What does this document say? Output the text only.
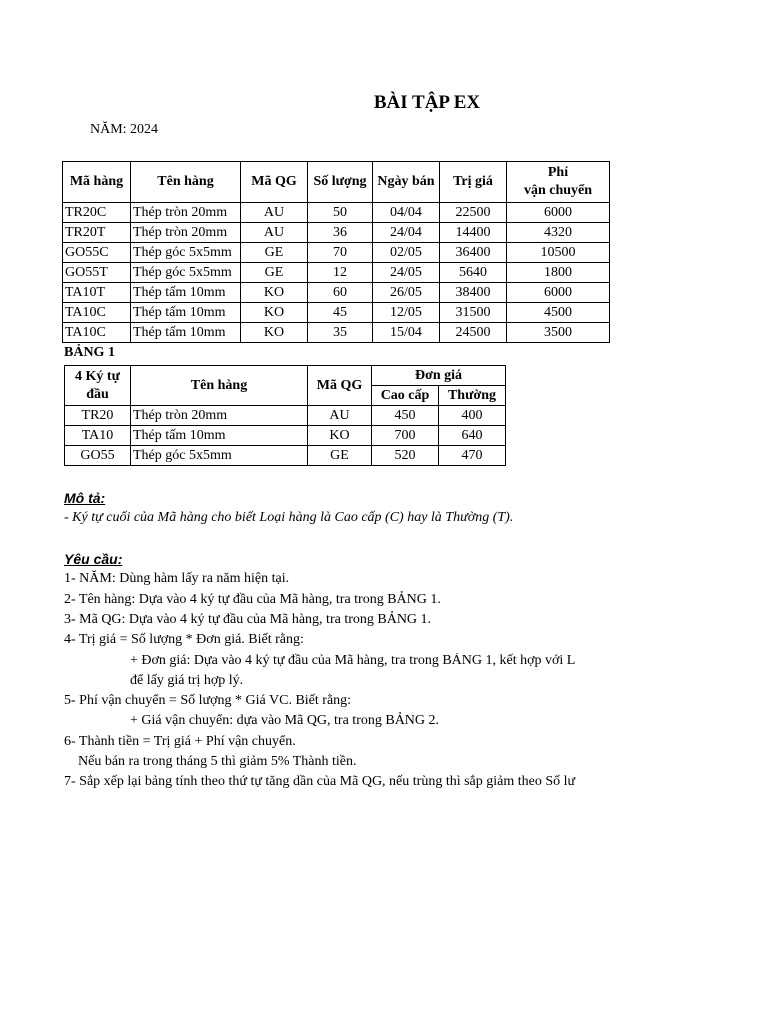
BÀI TẬP EX
NĂM: 2024
Mã hàng	Tên hàng	Mã QG	Số lượng	Ngày bán	Trị giá	Phí
vận chuyển
TR20C	Thép tròn 20mm	AU	50	04/04	22500	6000
TR20T	Thép tròn 20mm	AU	36	24/04	14400	4320
GO55C	Thép góc 5x5mm	GE	70	02/05	36400	10500
GO55T	Thép góc 5x5mm	GE	12	24/05	5640	1800
TA10T	Thép tấm 10mm	KO	60	26/05	38400	6000
TA10C	Thép tấm 10mm	KO	45	12/05	31500	4500
TA10C	Thép tấm 10mm	KO	35	15/04	24500	3500
BẢNG 1
4 Ký tự
đầu	Tên hàng	Mã QG	Đơn giá	
			Cao cấp	Thường
TR20	Thép tròn 20mm	AU	450	400
TA10	Thép tấm 10mm	KO	700	640
GO55	Thép góc 5x5mm	GE	520	470
Mô tả:
- Ký tự cuối của Mã hàng cho biết Loại hàng là Cao cấp (C) hay là Thường (T).
Yêu cầu:
1- NĂM: Dùng hàm lấy ra năm hiện tại.
2- Tên hàng: Dựa vào 4 ký tự đầu của Mã hàng, tra trong BẢNG 1.
3- Mã QG: Dựa vào 4 ký tự đầu của Mã hàng, tra trong BẢNG 1.
4- Trị giá = Số lượng * Đơn giá. Biết rằng:
+ Đơn giá: Dựa vào 4 ký tự đầu của Mã hàng, tra trong BẢNG 1, kết hợp với L
để lấy giá trị hợp lý.
5- Phí vận chuyển = Số lượng * Giá VC. Biết rằng:
+ Giá vận chuyển: dựa vào Mã QG, tra trong BẢNG 2.
6- Thành tiền = Trị giá + Phí vận chuyển.
Nếu bán ra trong tháng 5 thì giảm 5% Thành tiền.
7- Sắp xếp lại bảng tính theo thứ tự tăng dần của Mã QG, nếu trùng thì sắp giảm theo Số lư
